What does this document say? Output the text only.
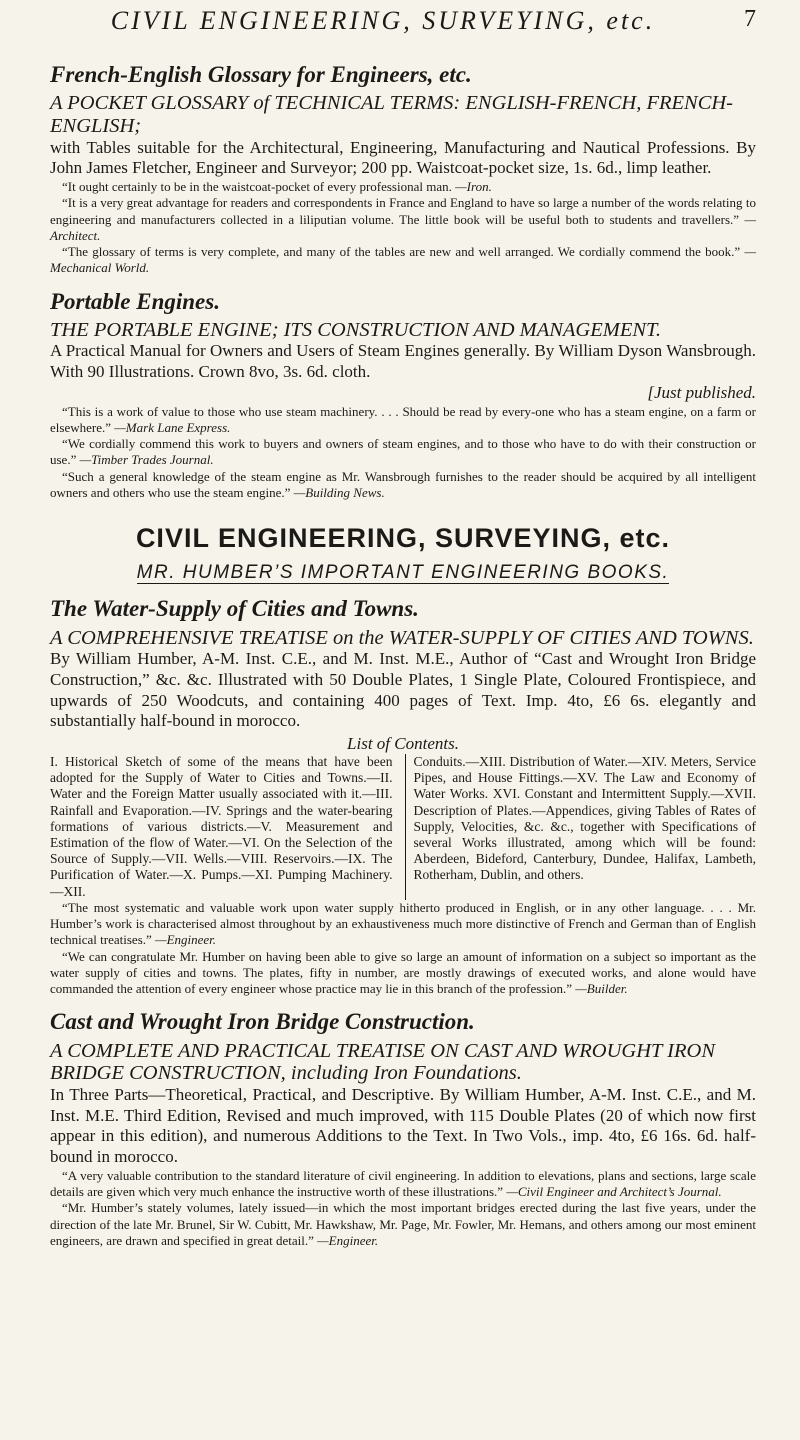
CIVIL ENGINEERING, SURVEYING, etc.	7
French-English Glossary for Engineers, etc.
A POCKET GLOSSARY of TECHNICAL TERMS: ENGLISH-FRENCH, FRENCH-ENGLISH;

with Tables suitable for the Architectural, Engineering, Manufacturing and Nautical Professions. By John James Fletcher, Engineer and Surveyor; 200 pp. Waistcoat-pocket size, 1s. 6d., limp leather.

“It ought certainly to be in the waistcoat-pocket of every professional man. —Iron.

“It is a very great advantage for readers and correspondents in France and England to have so large a number of the words relating to engineering and manufacturers collected in a liliputian volume. The little book will be useful both to students and travellers.” —Architect.

“The glossary of terms is very complete, and many of the tables are new and well arranged. We cordially commend the book.” —Mechanical World.

Portable Engines.
THE PORTABLE ENGINE; ITS CONSTRUCTION AND MANAGEMENT.

A Practical Manual for Owners and Users of Steam Engines generally. By William Dyson Wansbrough. With 90 Illustrations. Crown 8vo, 3s. 6d. cloth.

[Just published.

“This is a work of value to those who use steam machinery. . . . Should be read by every-one who has a steam engine, on a farm or elsewhere.” —Mark Lane Express.

“We cordially commend this work to buyers and owners of steam engines, and to those who have to do with their construction or use.” —Timber Trades Journal.

“Such a general knowledge of the steam engine as Mr. Wansbrough furnishes to the reader should be acquired by all intelligent owners and others who use the steam engine.” —Building News.

CIVIL ENGINEERING, SURVEYING, etc.
MR. HUMBER’S IMPORTANT ENGINEERING BOOKS.
The Water-Supply of Cities and Towns.
A COMPREHENSIVE TREATISE on the WATER-SUPPLY OF CITIES AND TOWNS.

By William Humber, A-M. Inst. C.E., and M. Inst. M.E., Author of “Cast and Wrought Iron Bridge Construction,” &c. &c. Illustrated with 50 Double Plates, 1 Single Plate, Coloured Frontispiece, and upwards of 250 Woodcuts, and containing 400 pages of Text. Imp. 4to, £6 6s. elegantly and substantially half-bound in morocco.

List of Contents.
I. Historical Sketch of some of the means that have been adopted for the Supply of Water to Cities and Towns.—II. Water and the Foreign Matter usually associated with it.—III. Rainfall and Evaporation.—IV. Springs and the water-bearing formations of various districts.—V. Measurement and Estimation of the flow of Water.—VI. On the Selection of the Source of Supply.—VII. Wells.—VIII. Reservoirs.—IX. The Purification of Water.—X. Pumps.—XI. Pumping Machinery.—XII.
Conduits.—XIII. Distribution of Water.—XIV. Meters, Service Pipes, and House Fittings.—XV. The Law and Economy of Water Works. XVI. Constant and Intermittent Supply.—XVII. Description of Plates.—Appendices, giving Tables of Rates of Supply, Velocities, &c. &c., together with Specifications of several Works illustrated, among which will be found: Aberdeen, Bideford, Canterbury, Dundee, Halifax, Lambeth, Rotherham, Dublin, and others.

“The most systematic and valuable work upon water supply hitherto produced in English, or in any other language. . . . Mr. Humber’s work is characterised almost throughout by an exhaustiveness much more distinctive of French and German than of English technical treatises.” —Engineer.

“We can congratulate Mr. Humber on having been able to give so large an amount of information on a subject so important as the water supply of cities and towns. The plates, fifty in number, are mostly drawings of executed works, and alone would have commanded the attention of every engineer whose practice may lie in this branch of the profession.” —Builder.

Cast and Wrought Iron Bridge Construction.
A COMPLETE AND PRACTICAL TREATISE ON CAST AND WROUGHT IRON BRIDGE CONSTRUCTION, including Iron Foundations.

In Three Parts—Theoretical, Practical, and Descriptive. By William Humber, A-M. Inst. C.E., and M. Inst. M.E. Third Edition, Revised and much improved, with 115 Double Plates (20 of which now first appear in this edition), and numerous Additions to the Text. In Two Vols., imp. 4to, £6 16s. 6d. half-bound in morocco.

“A very valuable contribution to the standard literature of civil engineering. In addition to elevations, plans and sections, large scale details are given which very much enhance the instructive worth of these illustrations.” —Civil Engineer and Architect’s Journal.

“Mr. Humber’s stately volumes, lately issued—in which the most important bridges erected during the last five years, under the direction of the late Mr. Brunel, Sir W. Cubitt, Mr. Hawkshaw, Mr. Page, Mr. Fowler, Mr. Hemans, and others among our most eminent engineers, are drawn and specified in great detail.” —Engineer.
